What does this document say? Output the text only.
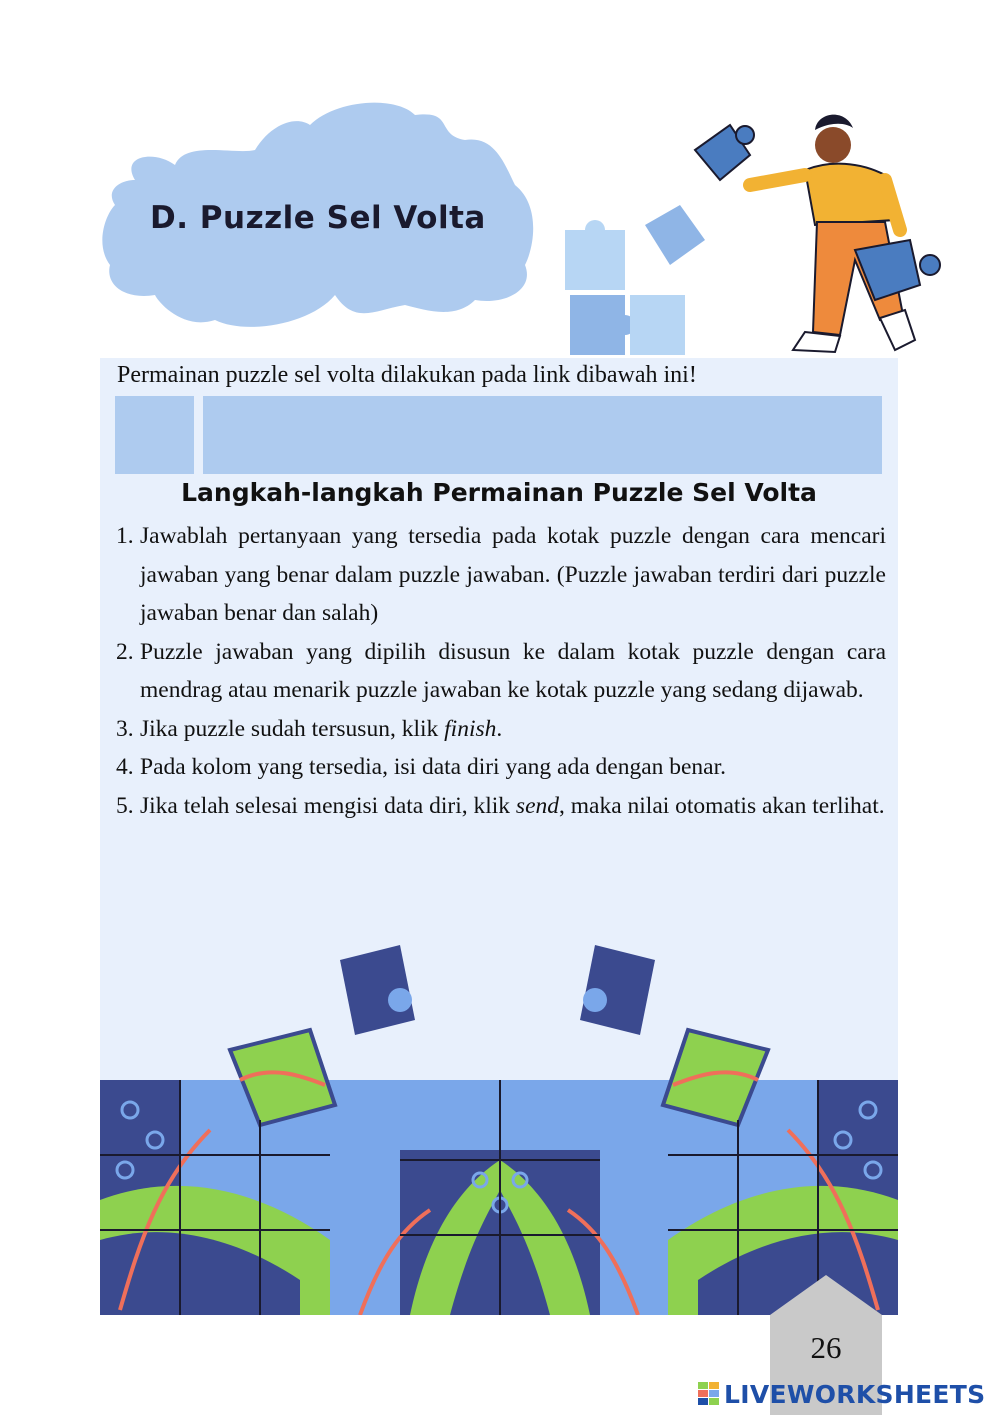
D. Puzzle Sel Volta
Permainan puzzle sel volta dilakukan pada link dibawah ini!
Langkah-langkah Permainan Puzzle Sel Volta
1. Jawablah pertanyaan yang tersedia pada kotak puzzle dengan cara mencari jawaban yang benar dalam puzzle jawaban. (Puzzle jawaban terdiri dari puzzle jawaban benar dan salah)
2. Puzzle jawaban yang dipilih disusun ke dalam kotak puzzle dengan cara mendrag atau menarik puzzle jawaban ke kotak puzzle yang sedang dijawab.
3. Jika puzzle sudah tersusun, klik finish.
4. Pada kolom yang tersedia, isi data diri yang ada dengan benar.
5. Jika telah selesai mengisi data diri, klik send, maka nilai otomatis akan terlihat.
26
LIVEWORKSHEETS
